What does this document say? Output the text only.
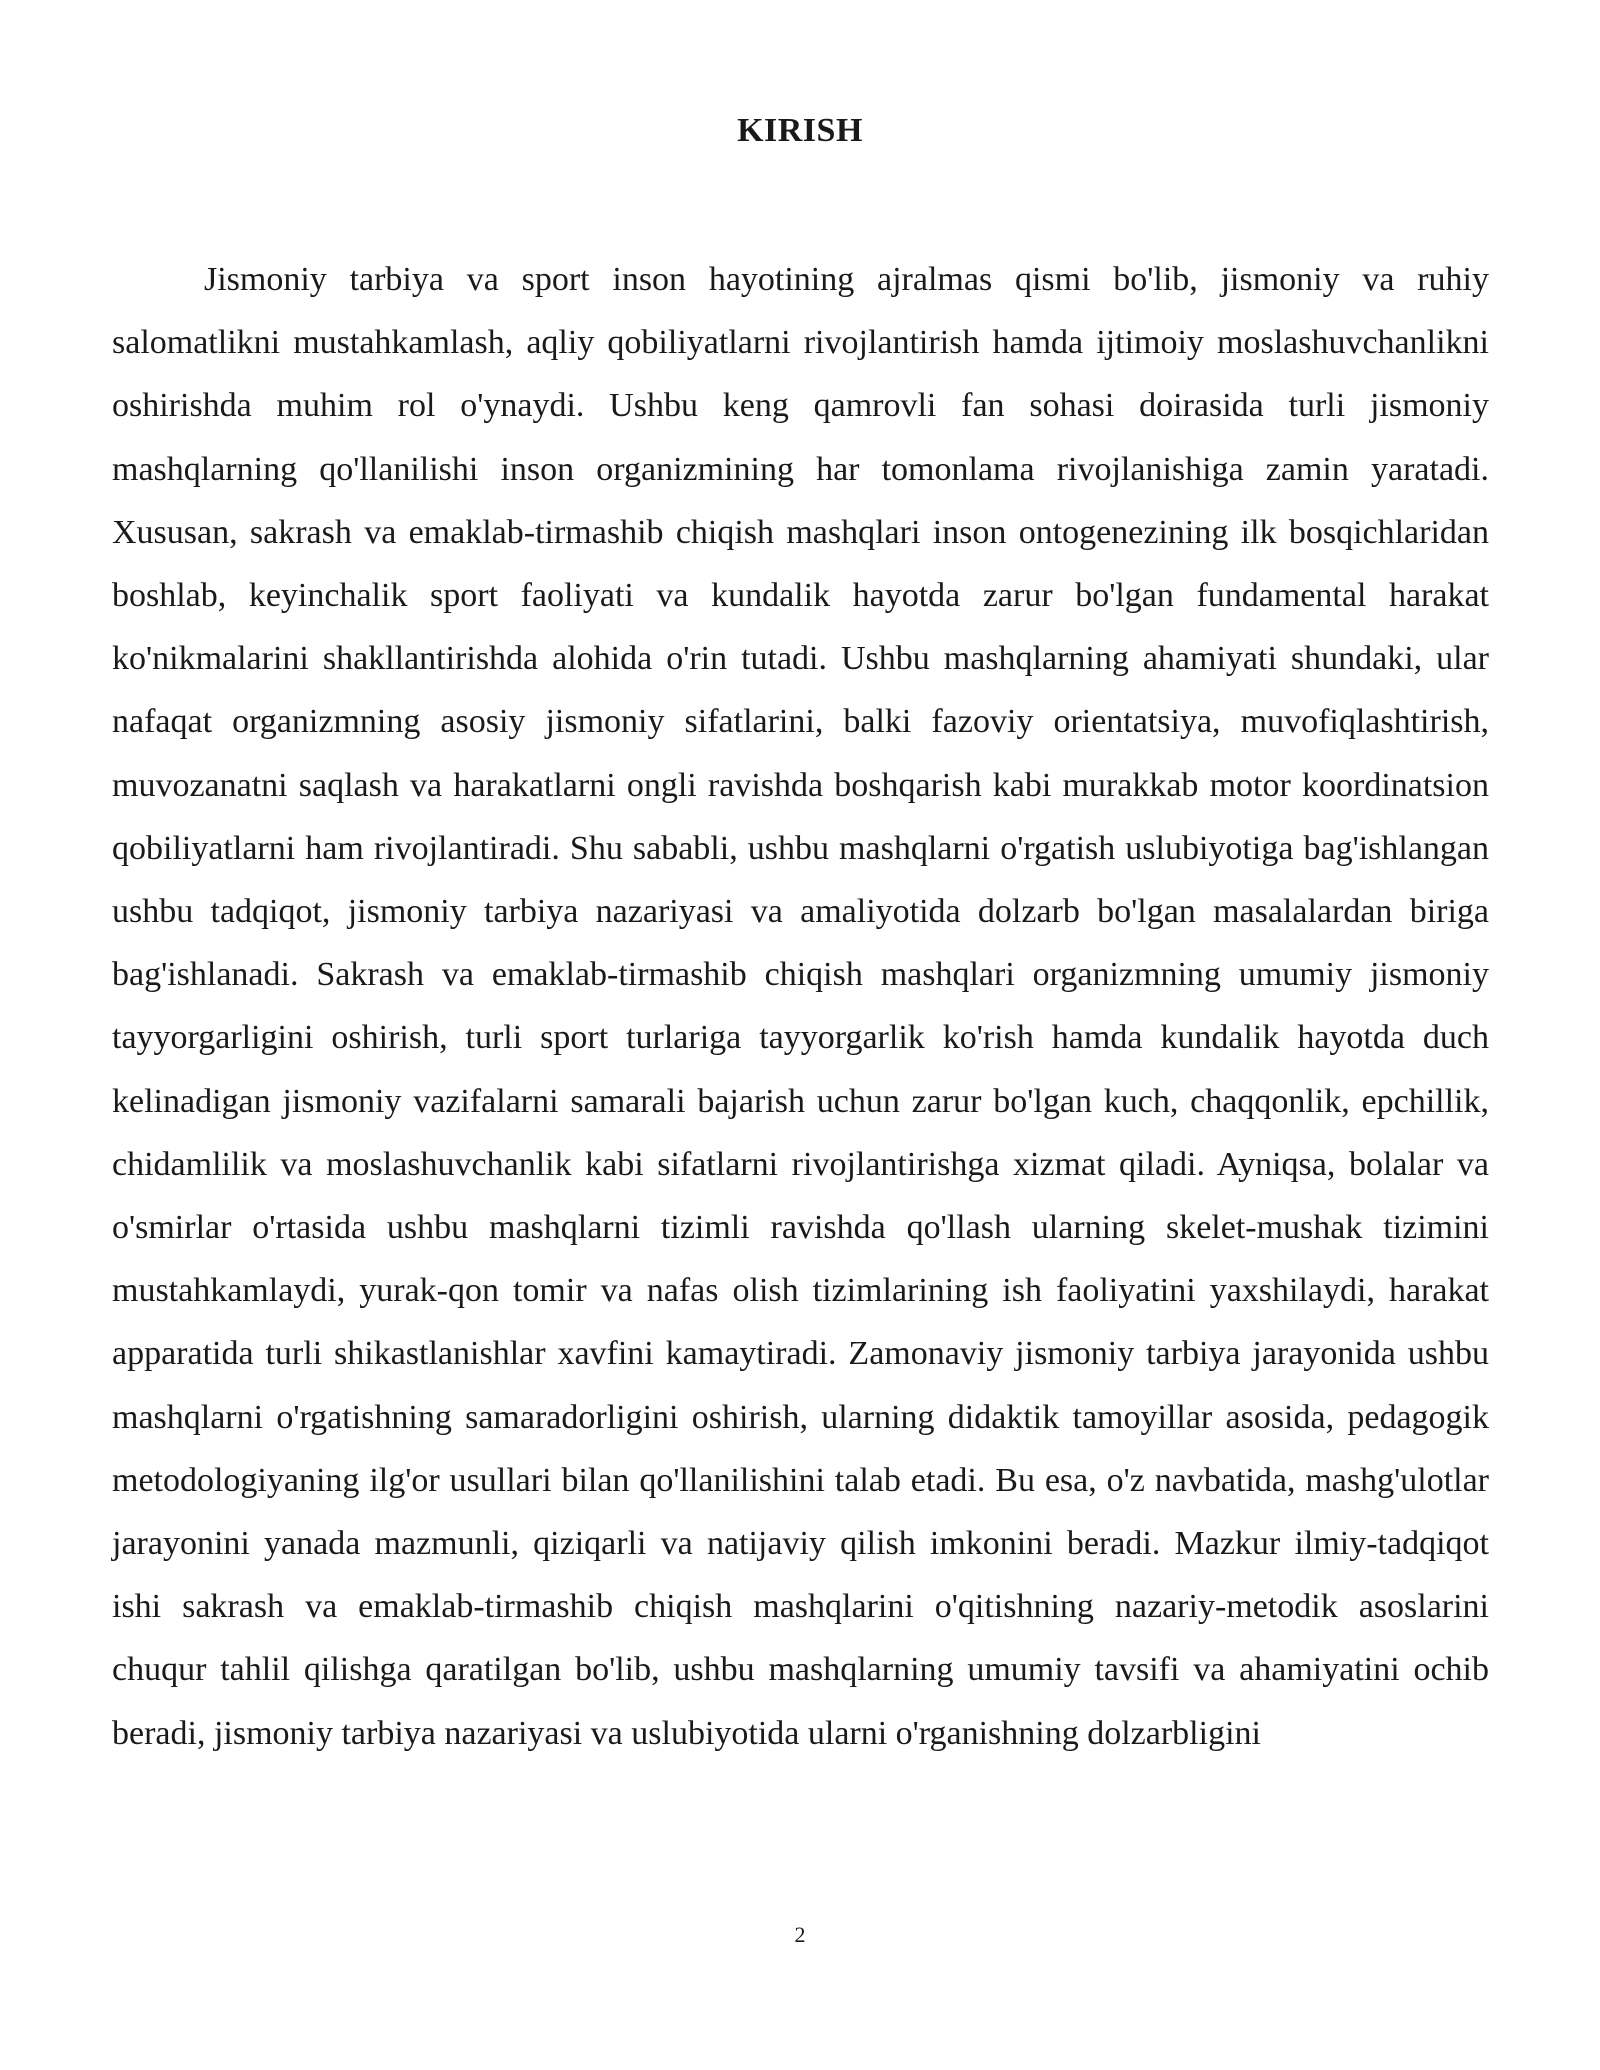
KIRISH

Jismoniy tarbiya va sport inson hayotining ajralmas qismi bo'lib, jismoniy va ruhiy salomatlikni mustahkamlash, aqliy qobiliyatlarni rivojlantirish hamda ijtimoiy moslashuvchanlikni oshirishda muhim rol o'ynaydi. Ushbu keng qamrovli fan sohasi doirasida turli jismoniy mashqlarning qo'llanilishi inson organizmining har tomonlama rivojlanishiga zamin yaratadi. Xususan, sakrash va emaklab-tirmashib chiqish mashqlari inson ontogenezining ilk bosqichlaridan boshlab, keyinchalik sport faoliyati va kundalik hayotda zarur bo'lgan fundamental harakat ko'nikmalarini shakllantirishda alohida o'rin tutadi. Ushbu mashqlarning ahamiyati shundaki, ular nafaqat organizmning asosiy jismoniy sifatlarini, balki fazoviy orientatsiya, muvofiqlashtirish, muvozanatni saqlash va harakatlarni ongli ravishda boshqarish kabi murakkab motor koordinatsion qobiliyatlarni ham rivojlantiradi. Shu sababli, ushbu mashqlarni o'rgatish uslubiyotiga bag'ishlangan ushbu tadqiqot, jismoniy tarbiya nazariyasi va amaliyotida dolzarb bo'lgan masalalardan biriga bag'ishlanadi. Sakrash va emaklab-tirmashib chiqish mashqlari organizmning umumiy jismoniy tayyorgarligini oshirish, turli sport turlariga tayyorgarlik ko'rish hamda kundalik hayotda duch kelinadigan jismoniy vazifalarni samarali bajarish uchun zarur bo'lgan kuch, chaqqonlik, epchillik, chidamlilik va moslashuvchanlik kabi sifatlarni rivojlantirishga xizmat qiladi. Ayniqsa, bolalar va o'smirlar o'rtasida ushbu mashqlarni tizimli ravishda qo'llash ularning skelet-mushak tizimini mustahkamlaydi, yurak-qon tomir va nafas olish tizimlarining ish faoliyatini yaxshilaydi, harakat apparatida turli shikastlanishlar xavfini kamaytiradi. Zamonaviy jismoniy tarbiya jarayonida ushbu mashqlarni o'rgatishning samaradorligini oshirish, ularning didaktik tamoyillar asosida, pedagogik metodologiyaning ilg'or usullari bilan qo'llanilishini talab etadi. Bu esa, o'z navbatida, mashg'ulotlar jarayonini yanada mazmunli, qiziqarli va natijaviy qilish imkonini beradi. Mazkur ilmiy-tadqiqot ishi sakrash va emaklab-tirmashib chiqish mashqlarini o'qitishning nazariy-metodik asoslarini chuqur tahlil qilishga qaratilgan bo'lib, ushbu mashqlarning umumiy tavsifi va ahamiyatini ochib beradi, jismoniy tarbiya nazariyasi va uslubiyotida ularni o'rganishning dolzarbligini

2
